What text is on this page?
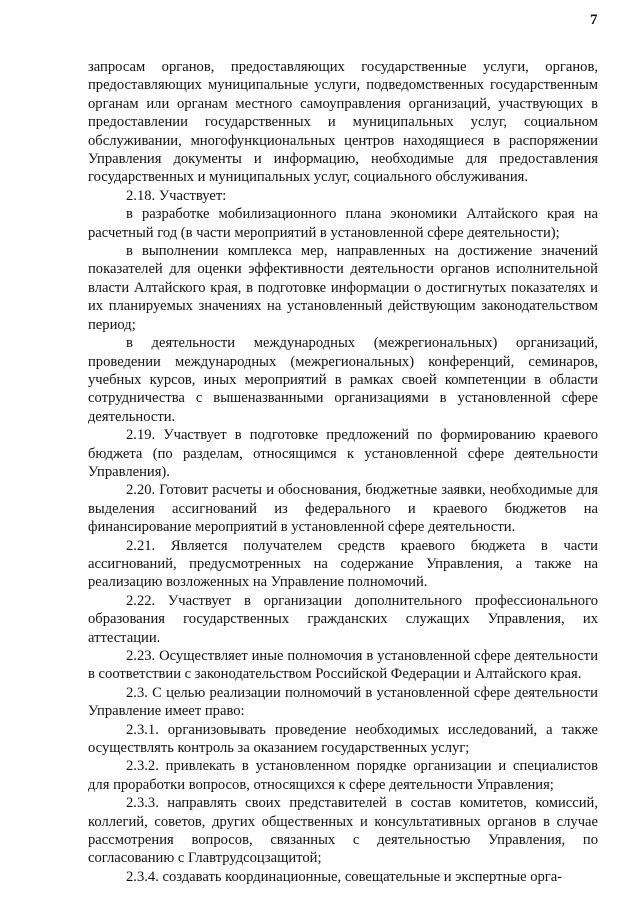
7

запросам органов, предоставляющих государственные услуги, органов, предоставляющих муниципальные услуги, подведомственных государственным органам или органам местного самоуправления организаций, участвующих в предоставлении государственных и муниципальных услуг, социальном обслуживании, многофункциональных центров находящиеся в распоряжении Управления документы и информацию, необходимые для предоставления государственных и муниципальных услуг, социального обслуживания.

2.18. Участвует:

в разработке мобилизационного плана экономики Алтайского края на расчетный год (в части мероприятий в установленной сфере деятельности);

в выполнении комплекса мер, направленных на достижение значений показателей для оценки эффективности деятельности органов исполнительной власти Алтайского края, в подготовке информации о достигнутых показателях и их планируемых значениях на установленный действующим законодательством период;

в деятельности международных (межрегиональных) организаций, проведении международных (межрегиональных) конференций, семинаров, учебных курсов, иных мероприятий в рамках своей компетенции в области сотрудничества с вышеназванными организациями в установленной сфере деятельности.

2.19. Участвует в подготовке предложений по формированию краевого бюджета (по разделам, относящимся к установленной сфере деятельности Управления).

2.20. Готовит расчеты и обоснования, бюджетные заявки, необходимые для выделения ассигнований из федерального и краевого бюджетов на финансирование мероприятий в установленной сфере деятельности.

2.21. Является получателем средств краевого бюджета в части ассигнований, предусмотренных на содержание Управления, а также на реализацию возложенных на Управление полномочий.

2.22. Участвует в организации дополнительного профессионального образования государственных гражданских служащих Управления, их аттестации.

2.23. Осуществляет иные полномочия в установленной сфере деятельности в соответствии с законодательством Российской Федерации и Алтайского края.

2.3. С целью реализации полномочий в установленной сфере деятельности Управление имеет право:

2.3.1. организовывать проведение необходимых исследований, а также осуществлять контроль за оказанием государственных услуг;

2.3.2. привлекать в установленном порядке организации и специалистов для проработки вопросов, относящихся к сфере деятельности Управления;

2.3.3. направлять своих представителей в состав комитетов, комиссий, коллегий, советов, других общественных и консультативных органов в случае рассмотрения вопросов, связанных с деятельностью Управления, по согласованию с Главтрудсоцзащитой;

2.3.4. создавать координационные, совещательные и экспертные орга-
